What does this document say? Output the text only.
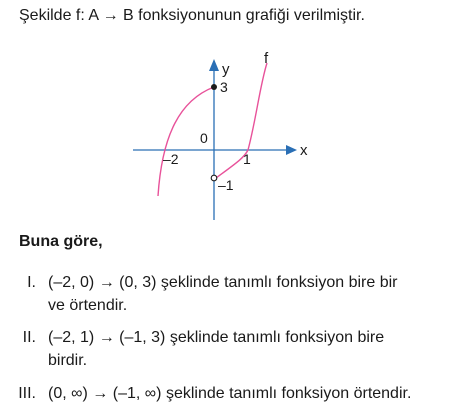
Şekilde f: A → B fonksiyonunun grafiği verilmiştir.
y
f
x
0
3
–2	1
–1
Buna göre,
I. (–2, 0) → (0, 3) şeklinde tanımlı fonksiyon bire bir
ve örtendir.
II. (–2, 1) → (–1, 3) şeklinde tanımlı fonksiyon bire
birdir.
III. (0, ∞) → (–1, ∞) şeklinde tanımlı fonksiyon örtendir.
